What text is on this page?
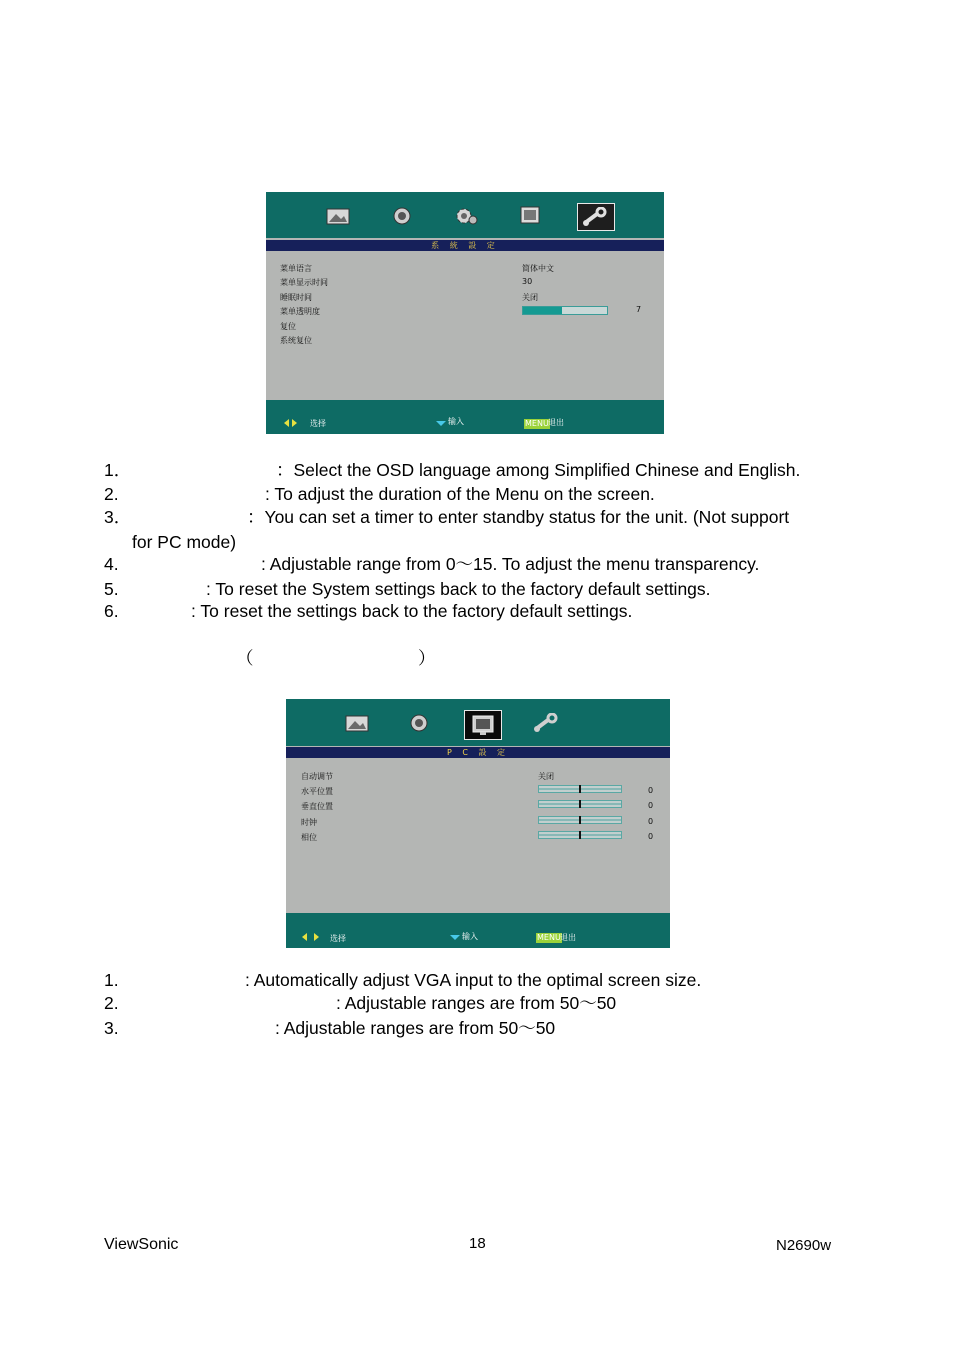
系 統 設 定
菜单语言	简体中文
菜单显示时间	30
睡眠时间	关闭
菜单透明度	7
复位
系统复位
选择	输入	MENU 退出
1．	：Select the OSD language among Simplified Chinese and English.
2.	: To adjust the duration of the Menu on the screen.
3．	：You can set a timer to enter standby status for the unit. (Not support
for PC mode)
4.	: Adjustable range from 0～15. To adjust the menu transparency.
5.	: To reset the System settings back to the factory default settings.
6.	: To reset the settings back to the factory default settings.
（	）
P C 設 定
自动调节	关闭
水平位置	0
垂直位置	0
时钟	0
相位	0
选择	输入	MENU 退出
1.	: Automatically adjust VGA input to the optimal screen size.
2.	: Adjustable ranges are from 50～50
3.	: Adjustable ranges are from 50～50
ViewSonic	18	N2690w
